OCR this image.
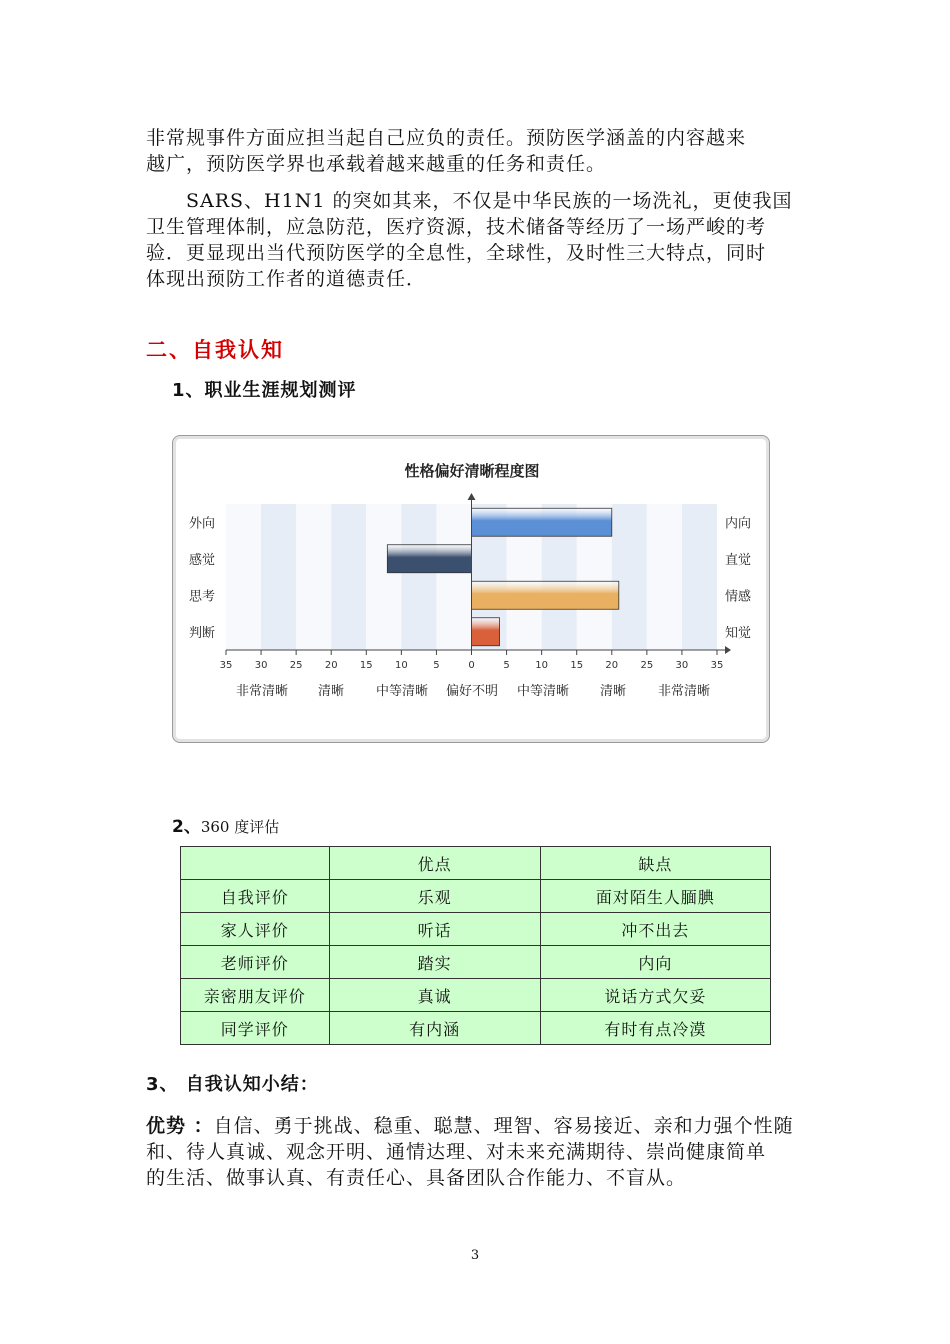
非常规事件方面应担当起自己应负的责任。预防医学涵盖的内容越来

越广，预防医学界也承载着越来越重的任务和责任。

SARS、H1N1 的突如其来，不仅是中华民族的一场洗礼，更使我国

卫生管理体制，应急防范，医疗资源，技术储备等经历了一场严峻的考

验．更显现出当代预防医学的全息性，全球性，及时性三大特点，同时

体现出预防工作者的道德责任．

二、自我认知
1、职业生涯规划测评
性格偏好清晰程度图
外向	内向
感觉	直觉
思考	情感
判断	知觉
35 30 25 20 15 10	5	0	5	10 15 20 25 30 35
非常清晰 清晰 中等清晰 偏好不明 中等清晰 清晰 非常清晰

2、360 度评估

	优点	缺点
自我评价	乐观	面对陌生人腼腆
家人评价	听话	冲不出去
老师评价	踏实	内向
亲密朋友评价	真诚	说话方式欠妥
同学评价	有内涵	有时有点冷漠
3、 自我认知小结：

优势 ：自信、勇于挑战、稳重、聪慧、理智、容易接近、亲和力强个性随

和、待人真诚、观念开明、通情达理、对未来充满期待、崇尚健康简单

的生活、做事认真、有责任心、具备团队合作能力、不盲从。

3
